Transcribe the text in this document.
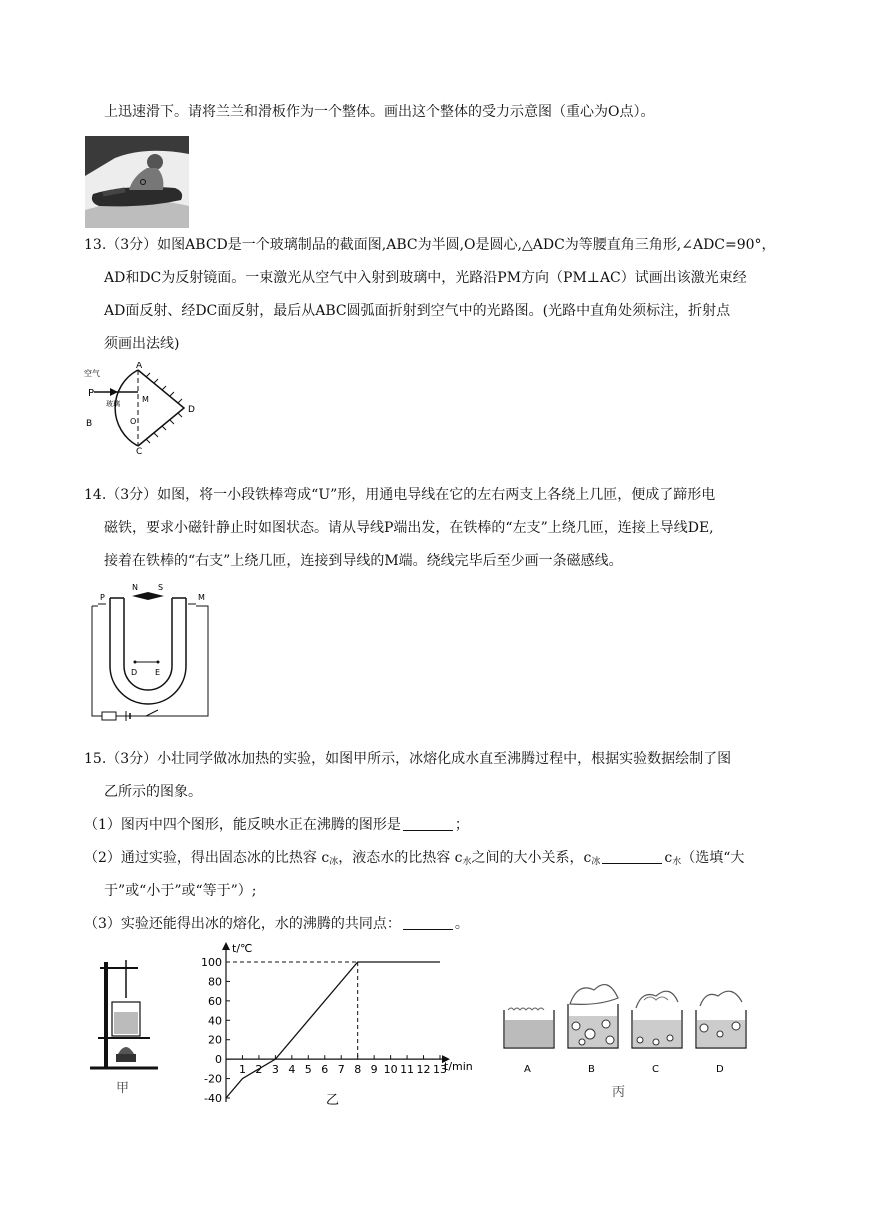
上迅速滑下。请将兰兰和滑板作为一个整体。画出这个整体的受力示意图（重心为O点）。
13.（3分）如图ABCD是一个玻璃制品的截面图,ABC为半圆,O是圆心,△ADC为等腰直角三角形,∠ADC=90°，
AD和DC为反射镜面。一束激光从空气中入射到玻璃中，光路沿PM方向（PM⊥AC）试画出该激光束经
AD面反射、经DC面反射，最后从ABC圆弧面折射到空气中的光路图。(光路中直角处须标注，折射点
须画出法线)
空气
P
玻璃
A
B
C
D
O
M
14.（3分）如图，将一小段铁棒弯成“U”形，用通电导线在它的左右两支上各绕上几匝，便成了蹄形电
磁铁，要求小磁针静止时如图状态。请从导线P端出发，在铁棒的“左支”上绕几匝，连接上导线DE,
接着在铁棒的“右支”上绕几匝，连接到导线的M端。绕线完毕后至少画一条磁感线。
N	S
P	M
D E
15.（3分）小壮同学做冰加热的实验，如图甲所示，冰熔化成水直至沸腾过程中，根据实验数据绘制了图
乙所示的图象。
（1）图丙中四个图形，能反映水正在沸腾的图形是	；
（2）通过实验，得出固态冰的比热容 $c_冰$，液态水的比热容 $c_水$之间的大小关系，$c_冰$	$c_水$（选填“大
于”或“小于”或“等于”）;
（3）实验还能得出冰的熔化，水的沸腾的共同点：	。
甲
100
80
60
40
20
0
-20
-40
1 2 3 4 5 6 7 8 9 10 11 12 13
t/℃
t/min
乙
A	B	C	D
丙
